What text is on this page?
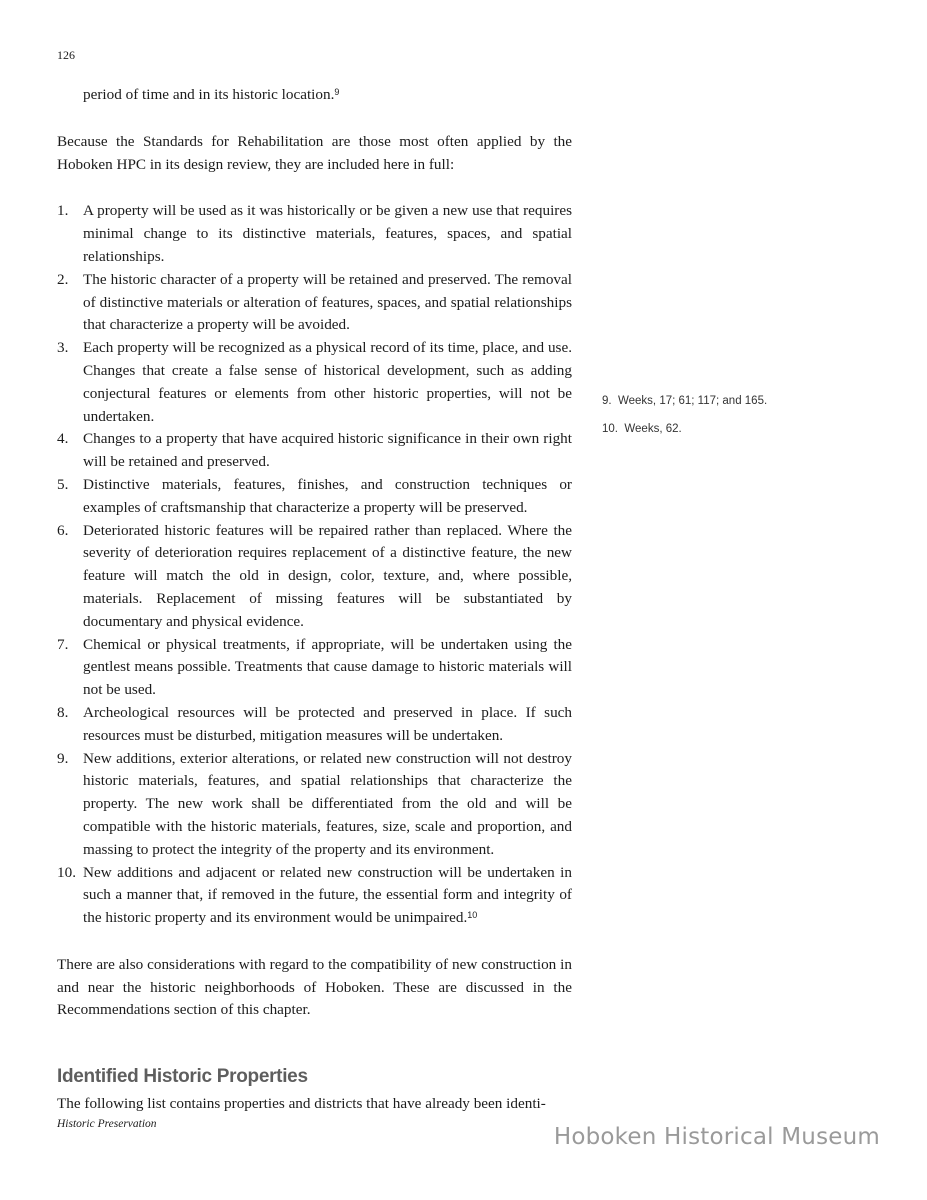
126

period of time and in its historic location.$^9$

Because the Standards for Rehabilitation are those most often applied by the Hoboken HPC in its design review, they are included here in full:

1. A property will be used as it was historically or be given a new use that requires minimal change to its distinctive materials, features, spaces, and spatial relationships.
2. The historic character of a property will be retained and preserved. The removal of distinctive materials or alteration of features, spaces, and spatial relationships that characterize a property will be avoided.
3. Each property will be recognized as a physical record of its time, place, and use. Changes that create a false sense of historical development, such as adding conjectural features or elements from other historic properties, will not be undertaken.
4. Changes to a property that have acquired historic significance in their own right will be retained and preserved.
5. Distinctive materials, features, finishes, and construction techniques or examples of craftsmanship that characterize a property will be preserved.
6. Deteriorated historic features will be repaired rather than replaced. Where the severity of deterioration requires replacement of a distinctive feature, the new feature will match the old in design, color, texture, and, where possible, materials. Replacement of missing features will be substantiated by documentary and physical evidence.
7. Chemical or physical treatments, if appropriate, will be undertaken using the gentlest means possible. Treatments that cause damage to historic materials will not be used.
8. Archeological resources will be protected and preserved in place. If such resources must be disturbed, mitigation measures will be undertaken.
9. New additions, exterior alterations, or related new construction will not destroy historic materials, features, and spatial relationships that characterize the property. The new work shall be differentiated from the old and will be compatible with the historic materials, features, size, scale and proportion, and massing to protect the integrity of the property and its environment.
10. New additions and adjacent or related new construction will be undertaken in such a manner that, if removed in the future, the essential form and integrity of the historic property and its environment would be unimpaired.$^{10}$

There are also considerations with regard to the compatibility of new construction in and near the historic neighborhoods of Hoboken. These are discussed in the Recommendations section of this chapter.

Identified Historic Properties

The following list contains properties and districts that have already been identi-

9. Weeks, 17; 61; 117; and 165.
10. Weeks, 62.
Historic Preservation	Hoboken Historical Museum
